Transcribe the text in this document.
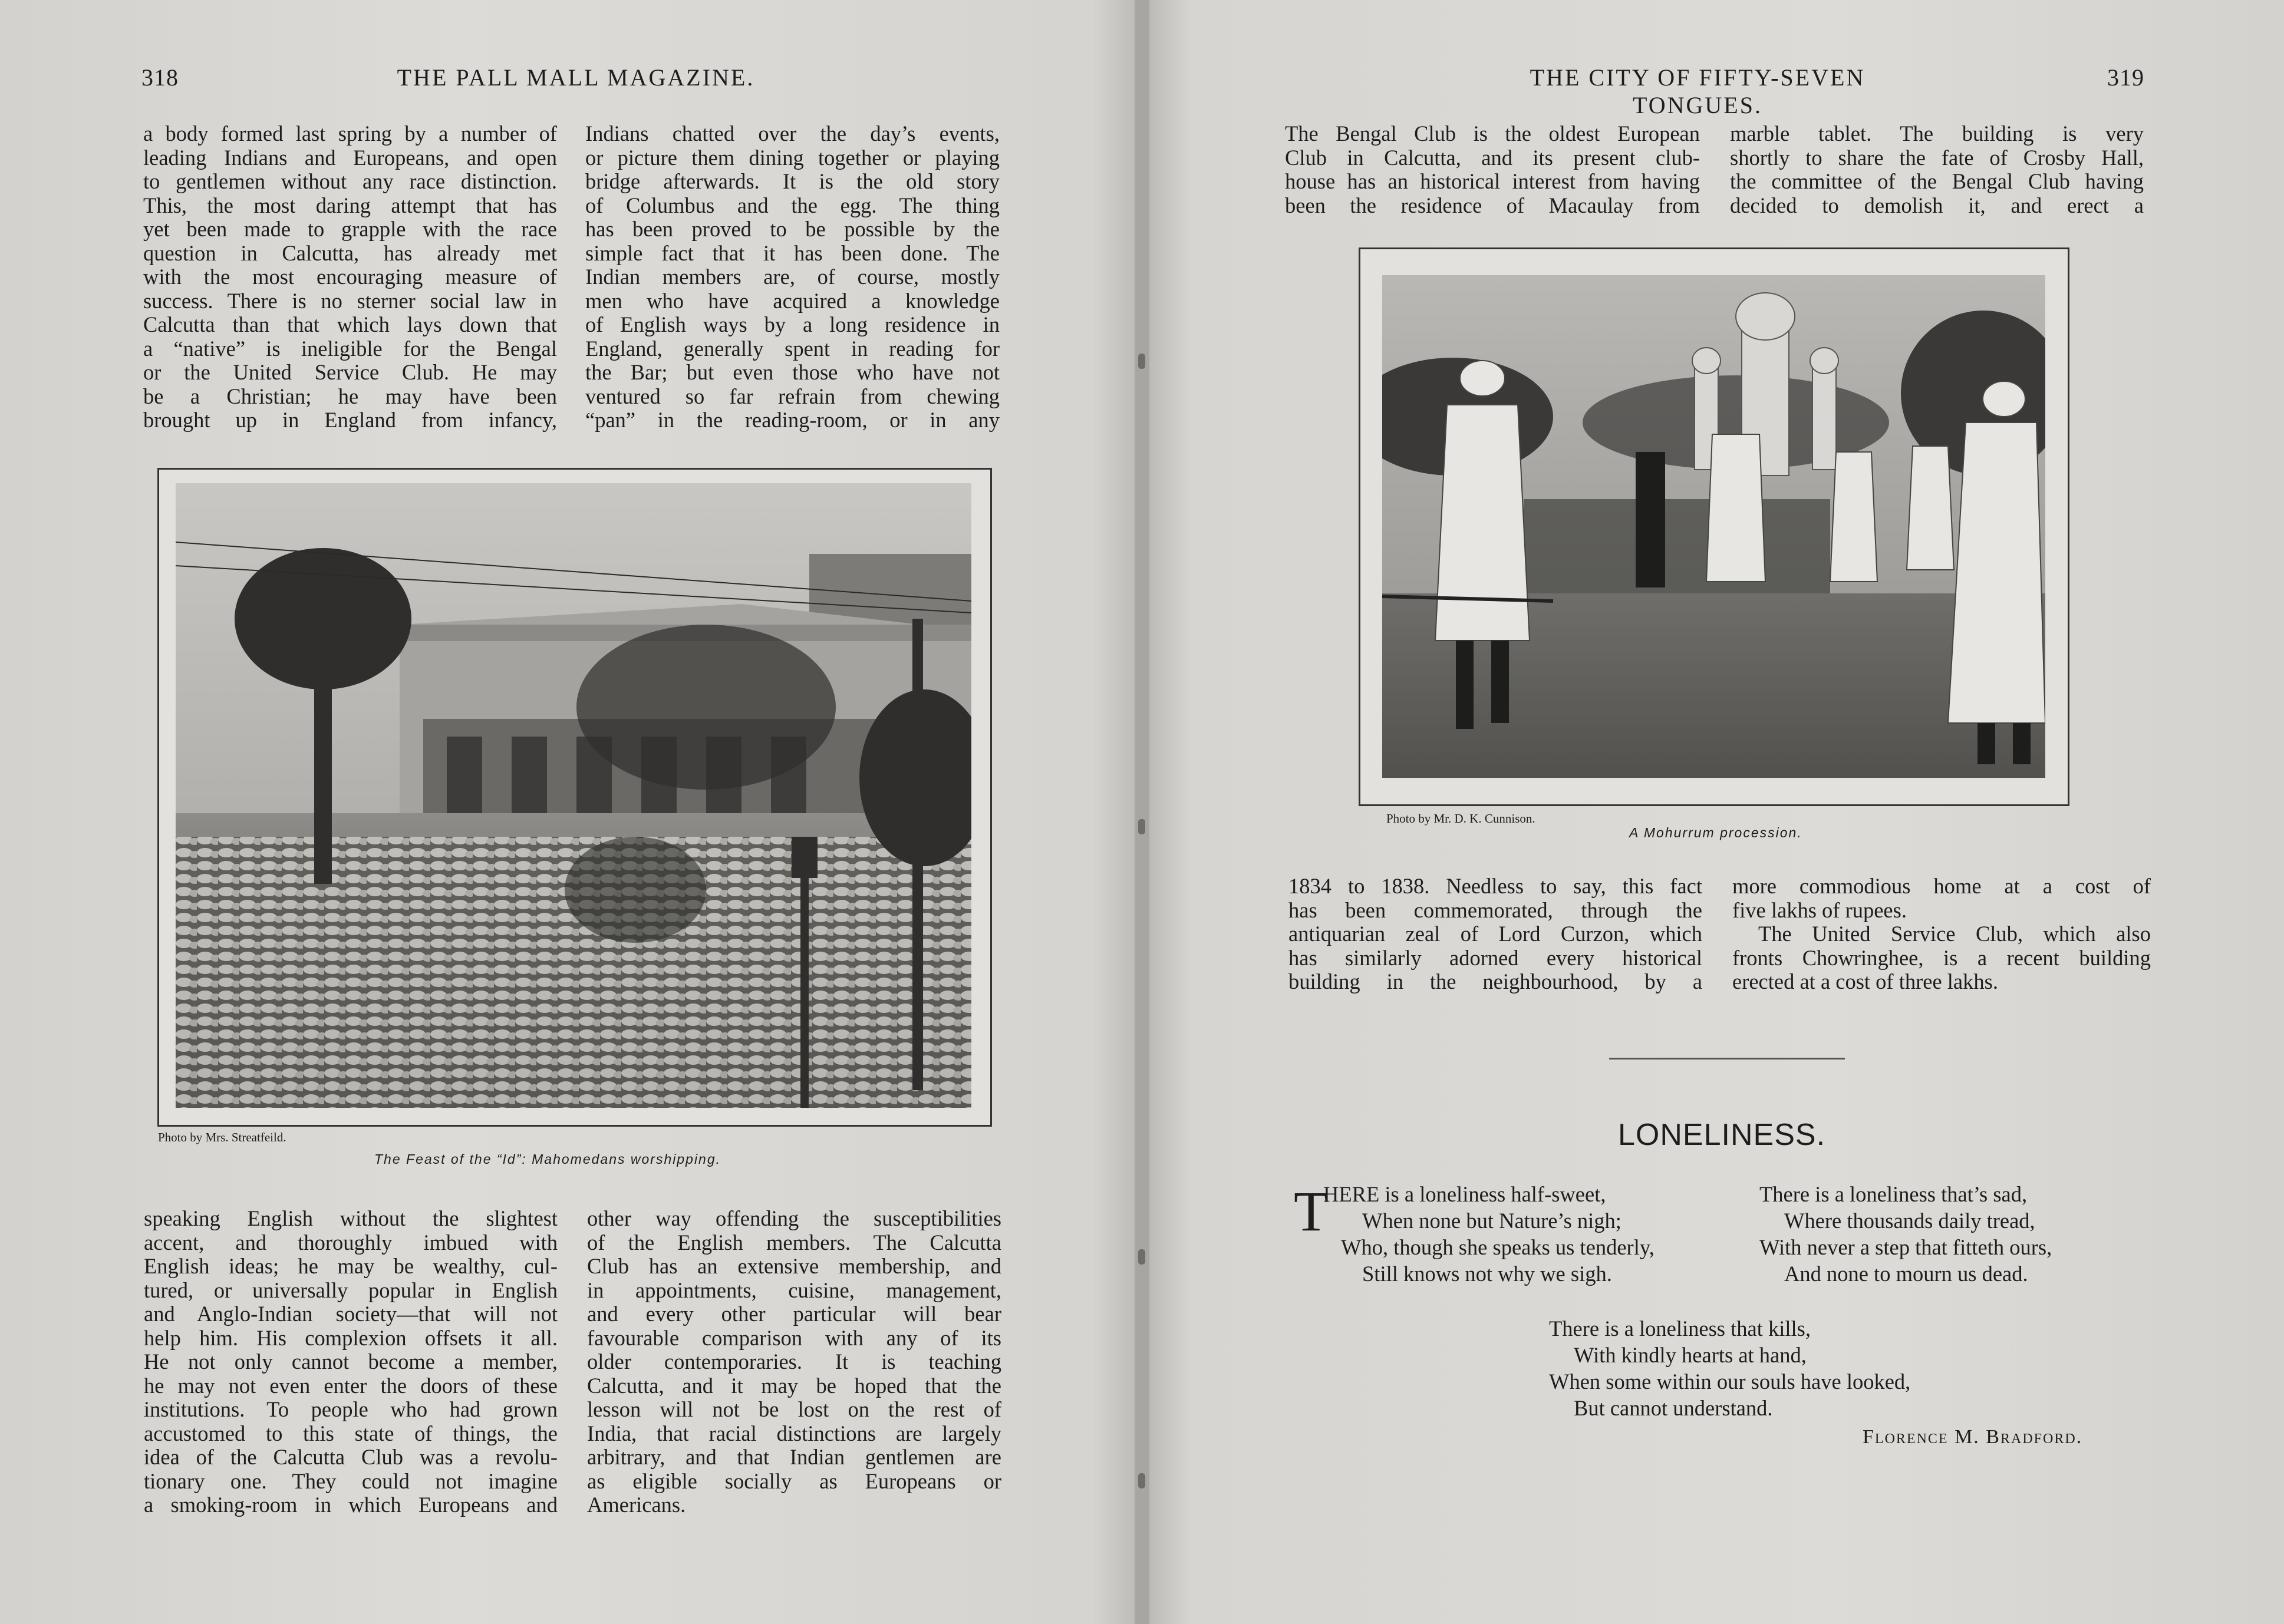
318	THE PALL MALL MAGAZINE.
a body formed last spring by a number of
leading Indians and Europeans, and open
to gentlemen without any race distinction.
This, the most daring attempt that has
yet been made to grapple with the race
question in Calcutta, has already met
with the most encouraging measure of
success. There is no sterner social law in
Calcutta than that which lays down that
a “native” is ineligible for the Bengal
or the United Service Club. He may
be a Christian; he may have been
brought up in England from infancy,
Indians chatted over the day’s events,
or picture them dining together or playing
bridge afterwards. It is the old story
of Columbus and the egg. The thing
has been proved to be possible by the
simple fact that it has been done. The
Indian members are, of course, mostly
men who have acquired a knowledge
of English ways by a long residence in
England, generally spent in reading for
the Bar; but even those who have not
ventured so far refrain from chewing
“pan” in the reading-room, or in any
Photo by Mrs. Streatfeild.
The Feast of the “Id”: Mahomedans worshipping.
speaking English without the slightest
accent, and thoroughly imbued with
English ideas; he may be wealthy, cul-
tured, or universally popular in English
and Anglo-Indian society—that will not
help him. His complexion offsets it all.
He not only cannot become a member,
he may not even enter the doors of these
institutions. To people who had grown
accustomed to this state of things, the
idea of the Calcutta Club was a revolu-
tionary one. They could not imagine
a smoking-room in which Europeans and
other way offending the susceptibilities
of the English members. The Calcutta
Club has an extensive membership, and
in appointments, cuisine, management,
and every other particular will bear
favourable comparison with any of its
older contemporaries. It is teaching
Calcutta, and it may be hoped that the
lesson will not be lost on the rest of
India, that racial distinctions are largely
arbitrary, and that Indian gentlemen are
as eligible socially as Europeans or
Americans.
THE CITY OF FIFTY-SEVEN TONGUES.
319
The Bengal Club is the oldest European
Club in Calcutta, and its present club-
house has an historical interest from having
been the residence of Macaulay from
marble tablet. The building is very
shortly to share the fate of Crosby Hall,
the committee of the Bengal Club having
decided to demolish it, and erect a
Photo by Mr. D. K. Cunnison.
A Mohurrum procession.
1834 to 1838. Needless to say, this fact
has been commemorated, through the
antiquarian zeal of Lord Curzon, which
has similarly adorned every historical
building in the neighbourhood, by a
more commodious home at a cost of
five lakhs of rupees.
The United Service Club, which also
fronts Chowringhee, is a recent building
erected at a cost of three lakhs.
LONELINESS.
T
HERE is a loneliness half-sweet,
When none but Nature’s nigh;
Who, though she speaks us tenderly,
Still knows not why we sigh.
There is a loneliness that’s sad,
Where thousands daily tread,
With never a step that fitteth ours,
And none to mourn us dead.
There is a loneliness that kills,
With kindly hearts at hand,
When some within our souls have looked,
But cannot understand.
Florence M. Bradford.
